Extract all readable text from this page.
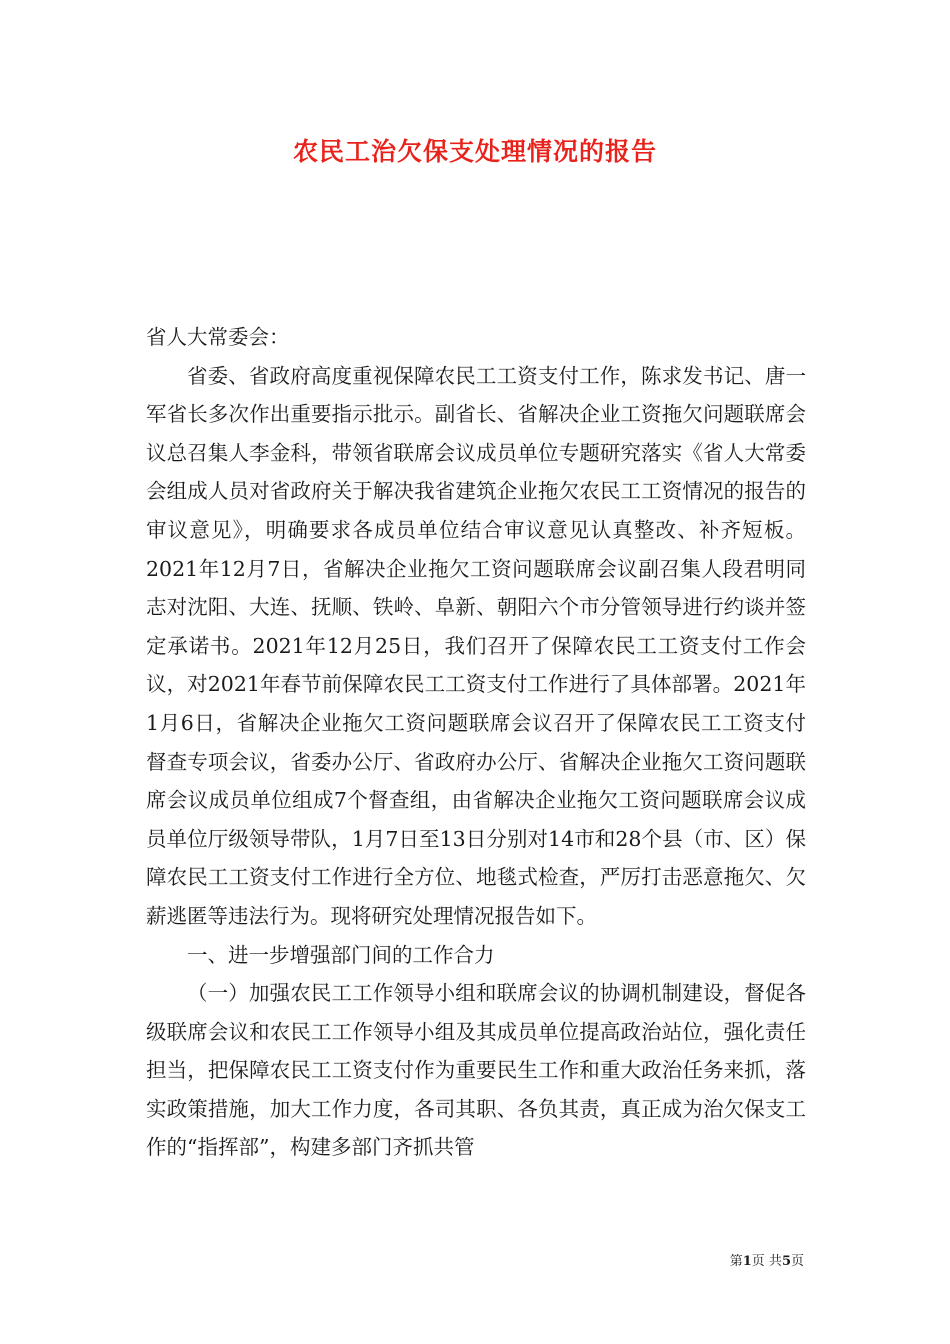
农民工治欠保支处理情况的报告

省人大常委会：

省委、省政府高度重视保障农民工工资支付工作，陈求发书记、唐一军省长多次作出重要指示批示。副省长、省解决企业工资拖欠问题联席会议总召集人李金科，带领省联席会议成员单位专题研究落实《省人大常委会组成人员对省政府关于解决我省建筑企业拖欠农民工工资情况的报告的审议意见》，明确要求各成员单位结合审议意见认真整改、补齐短板。2021年12月7日，省解决企业拖欠工资问题联席会议副召集人段君明同志对沈阳、大连、抚顺、铁岭、阜新、朝阳六个市分管领导进行约谈并签定承诺书。2021年12月25日，我们召开了保障农民工工资支付工作会议，对2021年春节前保障农民工工资支付工作进行了具体部署。2021年1月6日，省解决企业拖欠工资问题联席会议召开了保障农民工工资支付督查专项会议，省委办公厅、省政府办公厅、省解决企业拖欠工资问题联席会议成员单位组成7个督查组，由省解决企业拖欠工资问题联席会议成员单位厅级领导带队，1月7日至13日分别对14市和28个县（市、区）保障农民工工资支付工作进行全方位、地毯式检查，严厉打击恶意拖欠、欠薪逃匿等违法行为。现将研究处理情况报告如下。

一、进一步增强部门间的工作合力

（一）加强农民工工作领导小组和联席会议的协调机制建设，督促各级联席会议和农民工工作领导小组及其成员单位提高政治站位，强化责任担当，把保障农民工工资支付作为重要民生工作和重大政治任务来抓，落实政策措施，加大工作力度，各司其职、各负其责，真正成为治欠保支工作的“指挥部”，构建多部门齐抓共管

第1页 共5页
